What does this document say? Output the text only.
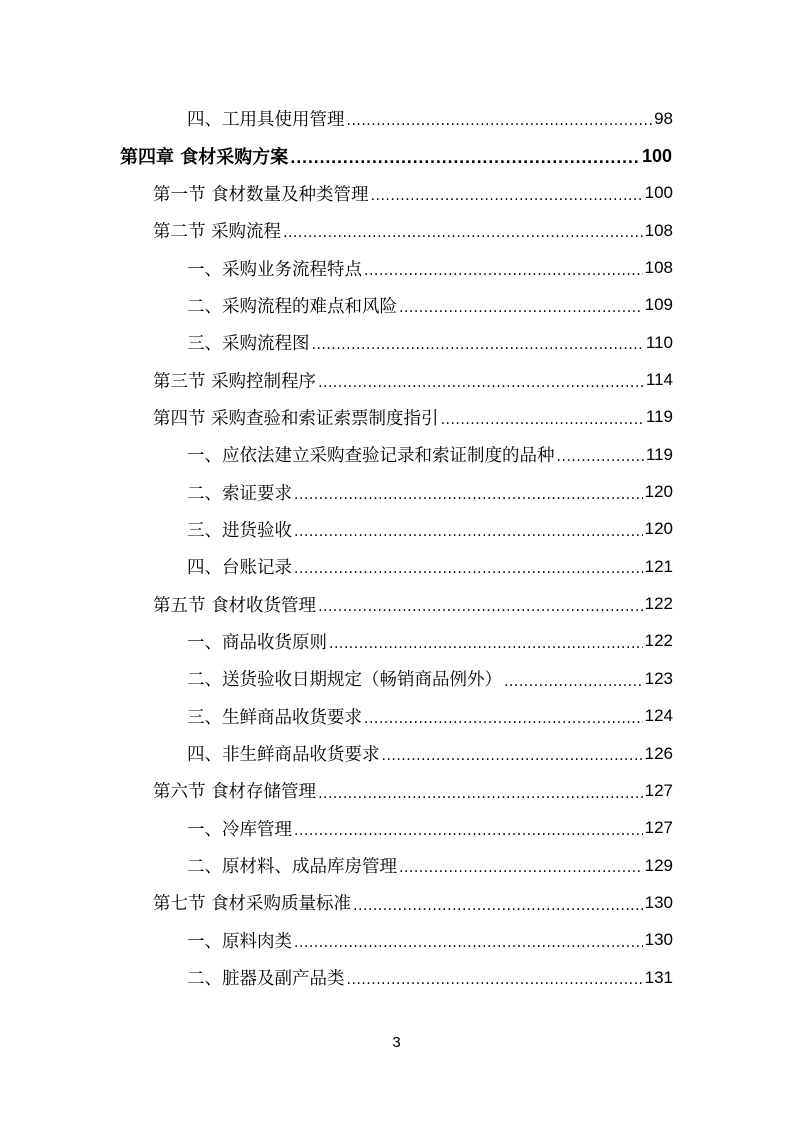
四、工用具使用管理 .....	98
第四章 食材采购方案 .....	100
第一节 食材数量及种类管理 .....	100
第二节 采购流程 .....	108
一、采购业务流程特点 .....	108
二、采购流程的难点和风险 .....	109
三、采购流程图 .....	110
第三节 采购控制程序 .....	114
第四节 采购查验和索证索票制度指引 .....	119
一、应依法建立采购查验记录和索证制度的品种 .....	119
二、索证要求 .....	120
三、进货验收 .....	120
四、台账记录 .....	121
第五节 食材收货管理 .....	122
一、商品收货原则 .....	122
二、送货验收日期规定（畅销商品例外） .....	123
三、生鲜商品收货要求 .....	124
四、非生鲜商品收货要求 .....	126
第六节 食材存储管理 .....	127
一、冷库管理 .....	127
二、原材料、成品库房管理 .....	129
第七节 食材采购质量标准 .....	130
一、原料肉类 .....	130
二、脏器及副产品类 .....	131
3
